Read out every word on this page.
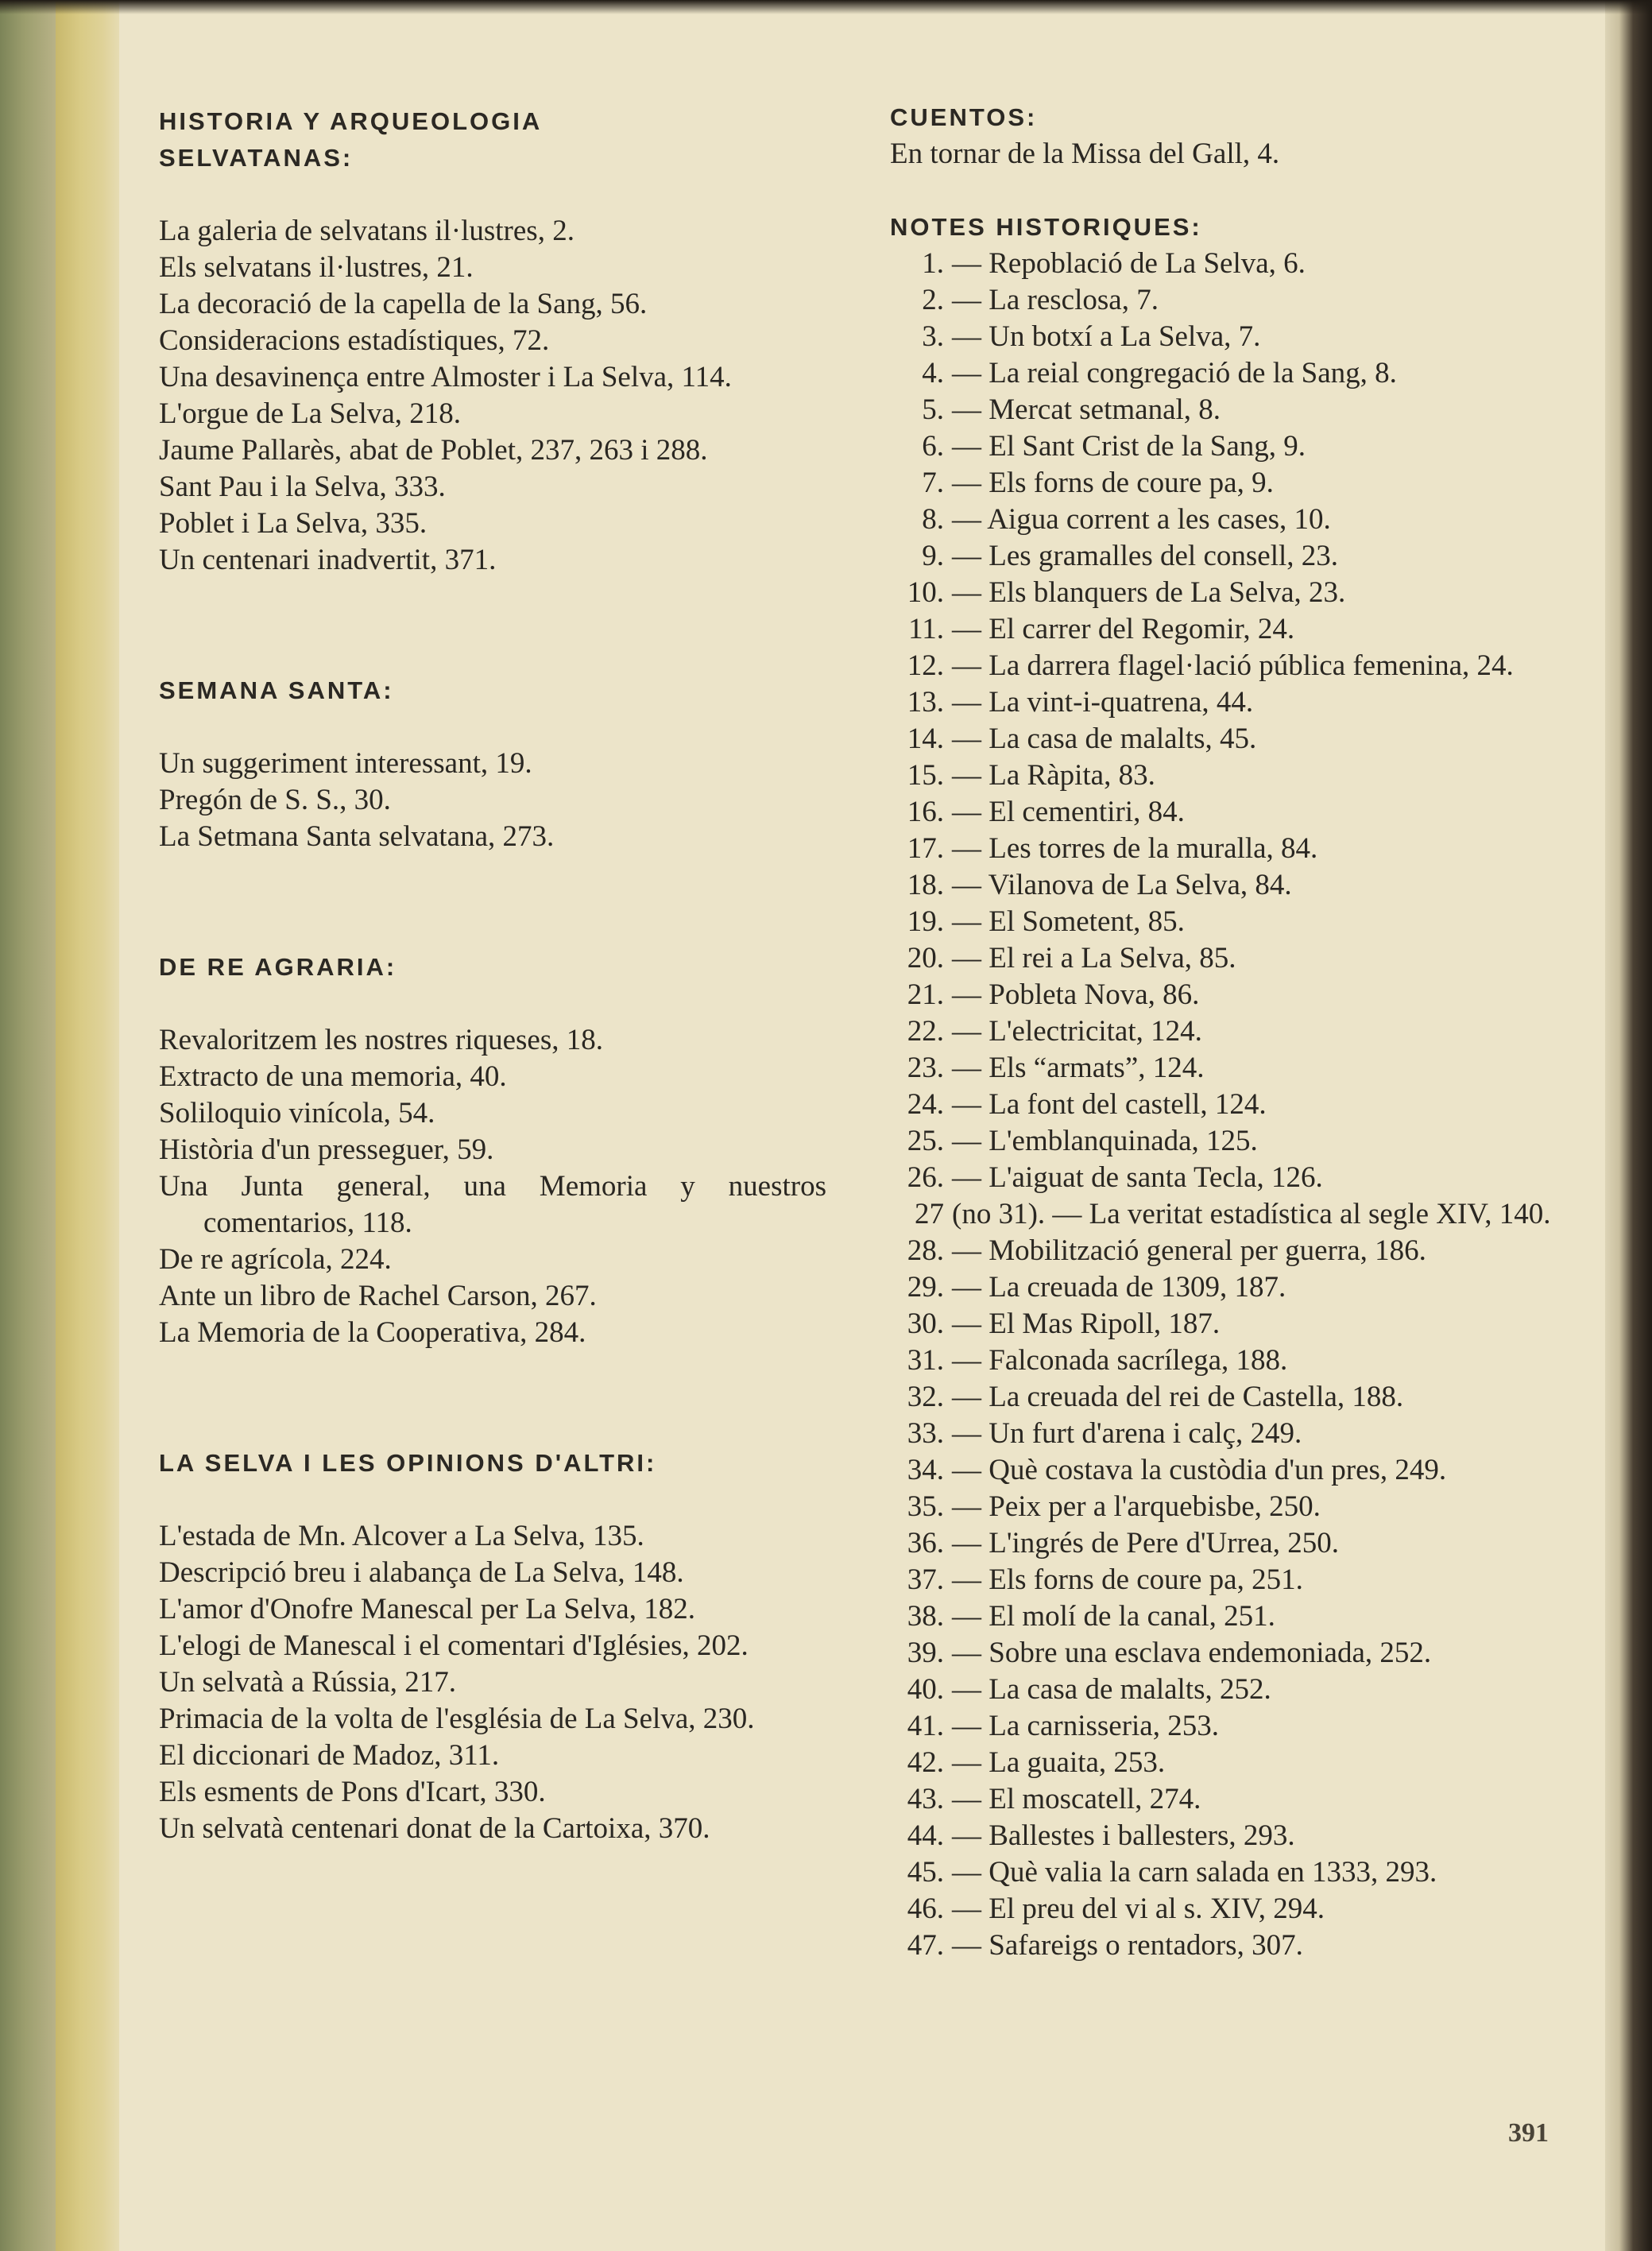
HISTORIA Y ARQUEOLOGIA
SELVATANAS:
La galeria de selvatans il·lustres, 2.
Els selvatans il·lustres, 21.
La decoració de la capella de la Sang, 56.
Consideracions estadístiques, 72.
Una desavinença entre Almoster i La Selva, 114.
L'orgue de La Selva, 218.
Jaume Pallarès, abat de Poblet, 237, 263 i 288.
Sant Pau i la Selva, 333.
Poblet i La Selva, 335.
Un centenari inadvertit, 371.
SEMANA SANTA:
Un suggeriment interessant, 19.
Pregón de S. S., 30.
La Setmana Santa selvatana, 273.
DE RE AGRARIA:
Revaloritzem les nostres riqueses, 18.
Extracto de una memoria, 40.
Soliloquio vinícola, 54.
Història d'un presseguer, 59.
Una Junta general, una Memoria y nuestros comentarios, 118.
De re agrícola, 224.
Ante un libro de Rachel Carson, 267.
La Memoria de la Cooperativa, 284.
LA SELVA I LES OPINIONS D'ALTRI:
L'estada de Mn. Alcover a La Selva, 135.
Descripció breu i alabança de La Selva, 148.
L'amor d'Onofre Manescal per La Selva, 182.
L'elogi de Manescal i el comentari d'Iglésies, 202.
Un selvatà a Rússia, 217.
Primacia de la volta de l'església de La Selva, 230.
El diccionari de Madoz, 311.
Els esments de Pons d'Icart, 330.
Un selvatà centenari donat de la Cartoixa, 370.
CUENTOS:
En tornar de la Missa del Gall, 4.
NOTES HISTORIQUES:
1. — Repoblació de La Selva, 6.
2. — La resclosa, 7.
3. — Un botxí a La Selva, 7.
4. — La reial congregació de la Sang, 8.
5. — Mercat setmanal, 8.
6. — El Sant Crist de la Sang, 9.
7. — Els forns de coure pa, 9.
8. — Aigua corrent a les cases, 10.
9. — Les gramalles del consell, 23.
10. — Els blanquers de La Selva, 23.
11. — El carrer del Regomir, 24.
12. — La darrera flagel·lació pública femenina, 24.
13. — La vint-i-quatrena, 44.
14. — La casa de malalts, 45.
15. — La Ràpita, 83.
16. — El cementiri, 84.
17. — Les torres de la muralla, 84.
18. — Vilanova de La Selva, 84.
19. — El Sometent, 85.
20. — El rei a La Selva, 85.
21. — Pobleta Nova, 86.
22. — L'electricitat, 124.
23. — Els “armats”, 124.
24. — La font del castell, 124.
25. — L'emblanquinada, 125.
26. — L'aiguat de santa Tecla, 126.
27 (no 31). — La veritat estadística al segle XIV, 140.
28. — Mobilització general per guerra, 186.
29. — La creuada de 1309, 187.
30. — El Mas Ripoll, 187.
31. — Falconada sacrílega, 188.
32. — La creuada del rei de Castella, 188.
33. — Un furt d'arena i calç, 249.
34. — Què costava la custòdia d'un pres, 249.
35. — Peix per a l'arquebisbe, 250.
36. — L'ingrés de Pere d'Urrea, 250.
37. — Els forns de coure pa, 251.
38. — El molí de la canal, 251.
39. — Sobre una esclava endemoniada, 252.
40. — La casa de malalts, 252.
41. — La carnisseria, 253.
42. — La guaita, 253.
43. — El moscatell, 274.
44. — Ballestes i ballesters, 293.
45. — Què valia la carn salada en 1333, 293.
46. — El preu del vi al s. XIV, 294.
47. — Safareigs o rentadors, 307.
391
